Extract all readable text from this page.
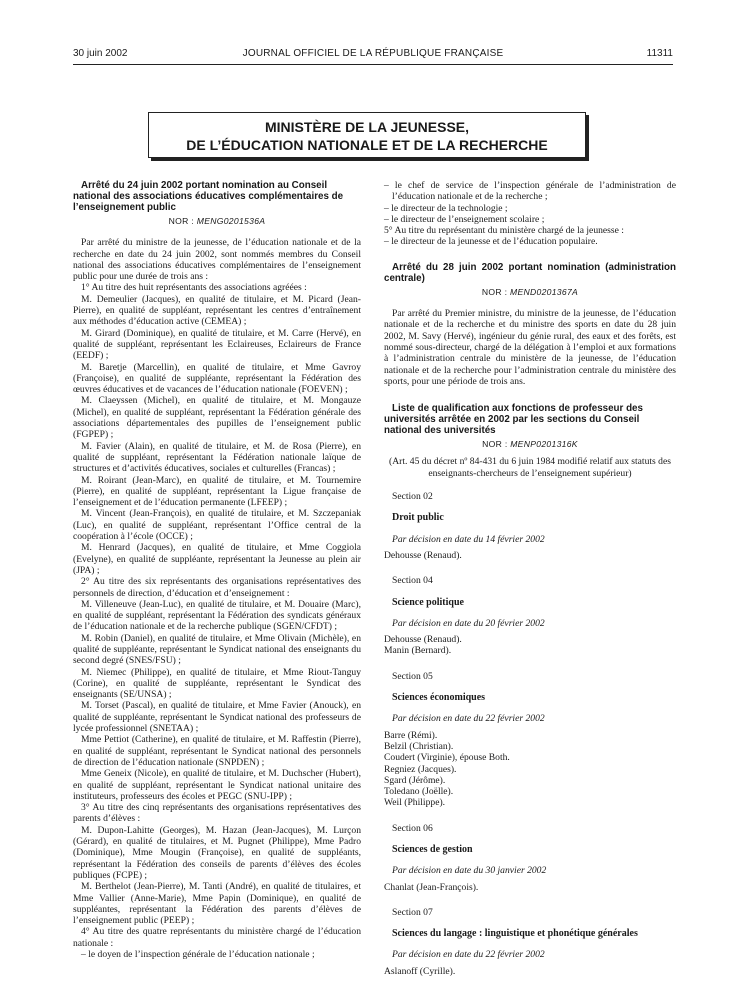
30 juin 2002	JOURNAL OFFICIEL DE LA RÉPUBLIQUE FRANÇAISE	11311
MINISTÈRE DE LA JEUNESSE,
DE L’ÉDUCATION NATIONALE ET DE LA RECHERCHE

Arrêté du 24 juin 2002 portant nomination au Conseil national des associations éducatives complémentaires de l’enseignement public

NOR : MENG0201536A

Par arrêté du ministre de la jeunesse, de l’éducation nationale et de la recherche en date du 24 juin 2002, sont nommés membres du Conseil national des associations éducatives complémentaires de l’enseignement public pour une durée de trois ans :

1° Au titre des huit représentants des associations agréées :

M. Demeulier (Jacques), en qualité de titulaire, et M. Picard (Jean-Pierre), en qualité de suppléant, représentant les centres d’entraînement aux méthodes d’éducation active (CEMEA) ;

M. Girard (Dominique), en qualité de titulaire, et M. Carre (Hervé), en qualité de suppléant, représentant les Eclaireuses, Eclaireurs de France (EEDF) ;

M. Baretje (Marcellin), en qualité de titulaire, et Mme Gavroy (Françoise), en qualité de suppléante, représentant la Fédération des œuvres éducatives et de vacances de l’éducation nationale (FOEVEN) ;

M. Claeyssen (Michel), en qualité de titulaire, et M. Mongauze (Michel), en qualité de suppléant, représentant la Fédération générale des associations départementales des pupilles de l’enseignement public (FGPEP) ;

M. Favier (Alain), en qualité de titulaire, et M. de Rosa (Pierre), en qualité de suppléant, représentant la Fédération nationale laïque de structures et d’activités éducatives, sociales et culturelles (Francas) ;

M. Roirant (Jean-Marc), en qualité de titulaire, et M. Tournemire (Pierre), en qualité de suppléant, représentant la Ligue française de l’enseignement et de l’éducation permanente (LFEEP) ;

M. Vincent (Jean-François), en qualité de titulaire, et M. Szczepaniak (Luc), en qualité de suppléant, représentant l’Office central de la coopération à l’école (OCCE) ;

M. Henrard (Jacques), en qualité de titulaire, et Mme Coggiola (Evelyne), en qualité de suppléante, représentant la Jeunesse au plein air (JPA) ;

2° Au titre des six représentants des organisations représentatives des personnels de direction, d’éducation et d’enseignement :

M. Villeneuve (Jean-Luc), en qualité de titulaire, et M. Douaire (Marc), en qualité de suppléant, représentant la Fédération des syndicats généraux de l’éducation nationale et de la recherche publique (SGEN/CFDT) ;

M. Robin (Daniel), en qualité de titulaire, et Mme Olivain (Michèle), en qualité de suppléante, représentant le Syndicat national des enseignants du second degré (SNES/FSU) ;

M. Niemec (Philippe), en qualité de titulaire, et Mme Riout-Tanguy (Corine), en qualité de suppléante, représentant le Syndicat des enseignants (SE/UNSA) ;

M. Torset (Pascal), en qualité de titulaire, et Mme Favier (Anouck), en qualité de suppléante, représentant le Syndicat national des professeurs de lycée professionnel (SNETAA) ;

Mme Pettiot (Catherine), en qualité de titulaire, et M. Raffestin (Pierre), en qualité de suppléant, représentant le Syndicat national des personnels de direction de l’éducation nationale (SNPDEN) ;

Mme Geneix (Nicole), en qualité de titulaire, et M. Duchscher (Hubert), en qualité de suppléant, représentant le Syndicat national unitaire des instituteurs, professeurs des écoles et PEGC (SNU-IPP) ;

3° Au titre des cinq représentants des organisations représentatives des parents d’élèves :

M. Dupon-Lahitte (Georges), M. Hazan (Jean-Jacques), M. Lurçon (Gérard), en qualité de titulaires, et M. Pugnet (Philippe), Mme Padro (Dominique), Mme Mougin (Françoise), en qualité de suppléants, représentant la Fédération des conseils de parents d’élèves des écoles publiques (FCPE) ;

M. Berthelot (Jean-Pierre), M. Tanti (André), en qualité de titulaires, et Mme Vallier (Anne-Marie), Mme Papin (Dominique), en qualité de suppléantes, représentant la Fédération des parents d’élèves de l’enseignement public (PEEP) ;

4° Au titre des quatre représentants du ministère chargé de l’éducation nationale :

– le doyen de l’inspection générale de l’éducation nationale ;

– le chef de service de l’inspection générale de l’administration de l’éducation nationale et de la recherche ;

– le directeur de la technologie ;

– le directeur de l’enseignement scolaire ;

5° Au titre du représentant du ministère chargé de la jeunesse :

– le directeur de la jeunesse et de l’éducation populaire.

Arrêté du 28 juin 2002 portant nomination (administration centrale)

NOR : MEND0201367A

Par arrêté du Premier ministre, du ministre de la jeunesse, de l’éducation nationale et de la recherche et du ministre des sports en date du 28 juin 2002, M. Savy (Hervé), ingénieur du génie rural, des eaux et des forêts, est nommé sous-directeur, chargé de la délégation à l’emploi et aux formations à l’administration centrale du ministère de la jeunesse, de l’éducation nationale et de la recherche pour l’administration centrale du ministère des sports, pour une période de trois ans.

Liste de qualification aux fonctions de professeur des universités arrêtée en 2002 par les sections du Conseil national des universités

NOR : MENP0201316K

(Art. 45 du décret nº 84-431 du 6 juin 1984 modifié relatif aux statuts des enseignants-chercheurs de l’enseignement supérieur)

Section 02

Droit public

Par décision en date du 14 février 2002

Dehousse (Renaud).

Section 04

Science politique

Par décision en date du 20 février 2002

Dehousse (Renaud).

Manin (Bernard).

Section 05

Sciences économiques

Par décision en date du 22 février 2002

Barre (Rémi).

Belzil (Christian).

Coudert (Virginie), épouse Both.

Regniez (Jacques).

Sgard (Jérôme).

Toledano (Joëlle).

Weil (Philippe).

Section 06

Sciences de gestion

Par décision en date du 30 janvier 2002

Chanlat (Jean-François).

Section 07

Sciences du langage : linguistique et phonétique générales

Par décision en date du 22 février 2002

Aslanoff (Cyrille).
